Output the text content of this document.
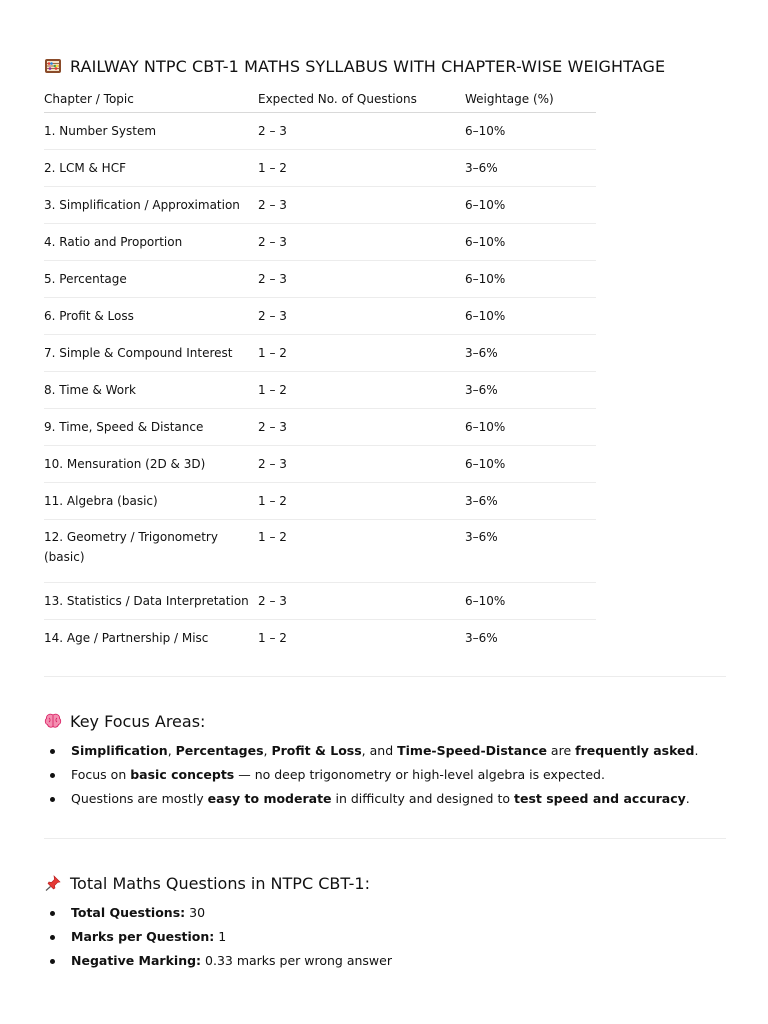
RAILWAY NTPC CBT-1 MATHS SYLLABUS WITH CHAPTER-WISE WEIGHTAGE
Chapter / Topic	Expected No. of Questions	Weightage (%)
1. Number System	2 – 3	6–10%
2. LCM & HCF	1 – 2	3–6%
3. Simplification / Approximation	2 – 3	6–10%
4. Ratio and Proportion	2 – 3	6–10%
5. Percentage	2 – 3	6–10%
6. Profit & Loss	2 – 3	6–10%
7. Simple & Compound Interest	1 – 2	3–6%
8. Time & Work	1 – 2	3–6%
9. Time, Speed & Distance	2 – 3	6–10%
10. Mensuration (2D & 3D)	2 – 3	6–10%
11. Algebra (basic)	1 – 2	3–6%
12. Geometry / Trigonometry
(basic)	1 – 2	3–6%
13. Statistics / Data Interpretation	2 – 3	6–10%
14. Age / Partnership / Misc	1 – 2	3–6%
Key Focus Areas:
Simplification, Percentages, Profit & Loss, and Time-Speed-Distance are frequently asked.
Focus on basic concepts — no deep trigonometry or high-level algebra is expected.
Questions are mostly easy to moderate in difficulty and designed to test speed and accuracy.
Total Maths Questions in NTPC CBT-1:
Total Questions: 30
Marks per Question: 1
Negative Marking: 0.33 marks per wrong answer
